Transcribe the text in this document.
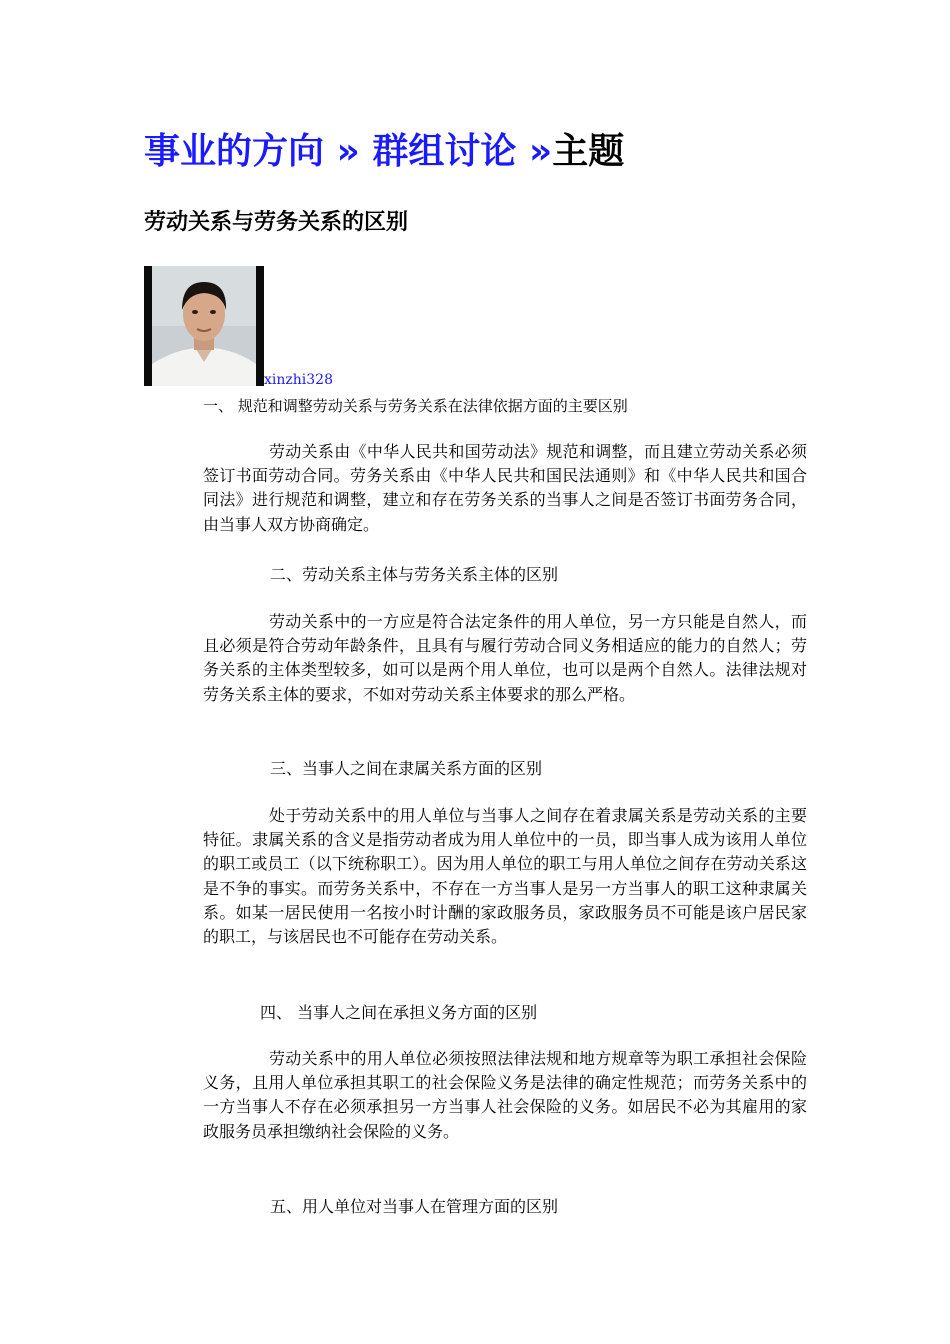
事业的方向 » 群组讨论 »主题
劳动关系与劳务关系的区别
xinzhi328
一、 规范和调整劳动关系与劳务关系在法律依据方面的主要区别

劳动关系由《中华人民共和国劳动法》规范和调整，而且建立劳动关系必须签订书面劳动合同。劳务关系由《中华人民共和国民法通则》和《中华人民共和国合同法》进行规范和调整，建立和存在劳务关系的当事人之间是否签订书面劳务合同，由当事人双方协商确定。

二、劳动关系主体与劳务关系主体的区别

劳动关系中的一方应是符合法定条件的用人单位，另一方只能是自然人，而且必须是符合劳动年龄条件，且具有与履行劳动合同义务相适应的能力的自然人；劳务关系的主体类型较多，如可以是两个用人单位，也可以是两个自然人。法律法规对劳务关系主体的要求，不如对劳动关系主体要求的那么严格。

三、当事人之间在隶属关系方面的区别

处于劳动关系中的用人单位与当事人之间存在着隶属关系是劳动关系的主要特征。隶属关系的含义是指劳动者成为用人单位中的一员，即当事人成为该用人单位的职工或员工（以下统称职工）。因为用人单位的职工与用人单位之间存在劳动关系这是不争的事实。而劳务关系中，不存在一方当事人是另一方当事人的职工这种隶属关系。如某一居民使用一名按小时计酬的家政服务员，家政服务员不可能是该户居民家的职工，与该居民也不可能存在劳动关系。

四、 当事人之间在承担义务方面的区别

劳动关系中的用人单位必须按照法律法规和地方规章等为职工承担社会保险义务，且用人单位承担其职工的社会保险义务是法律的确定性规范；而劳务关系中的一方当事人不存在必须承担另一方当事人社会保险的义务。如居民不必为其雇用的家政服务员承担缴纳社会保险的义务。

五、用人单位对当事人在管理方面的区别
